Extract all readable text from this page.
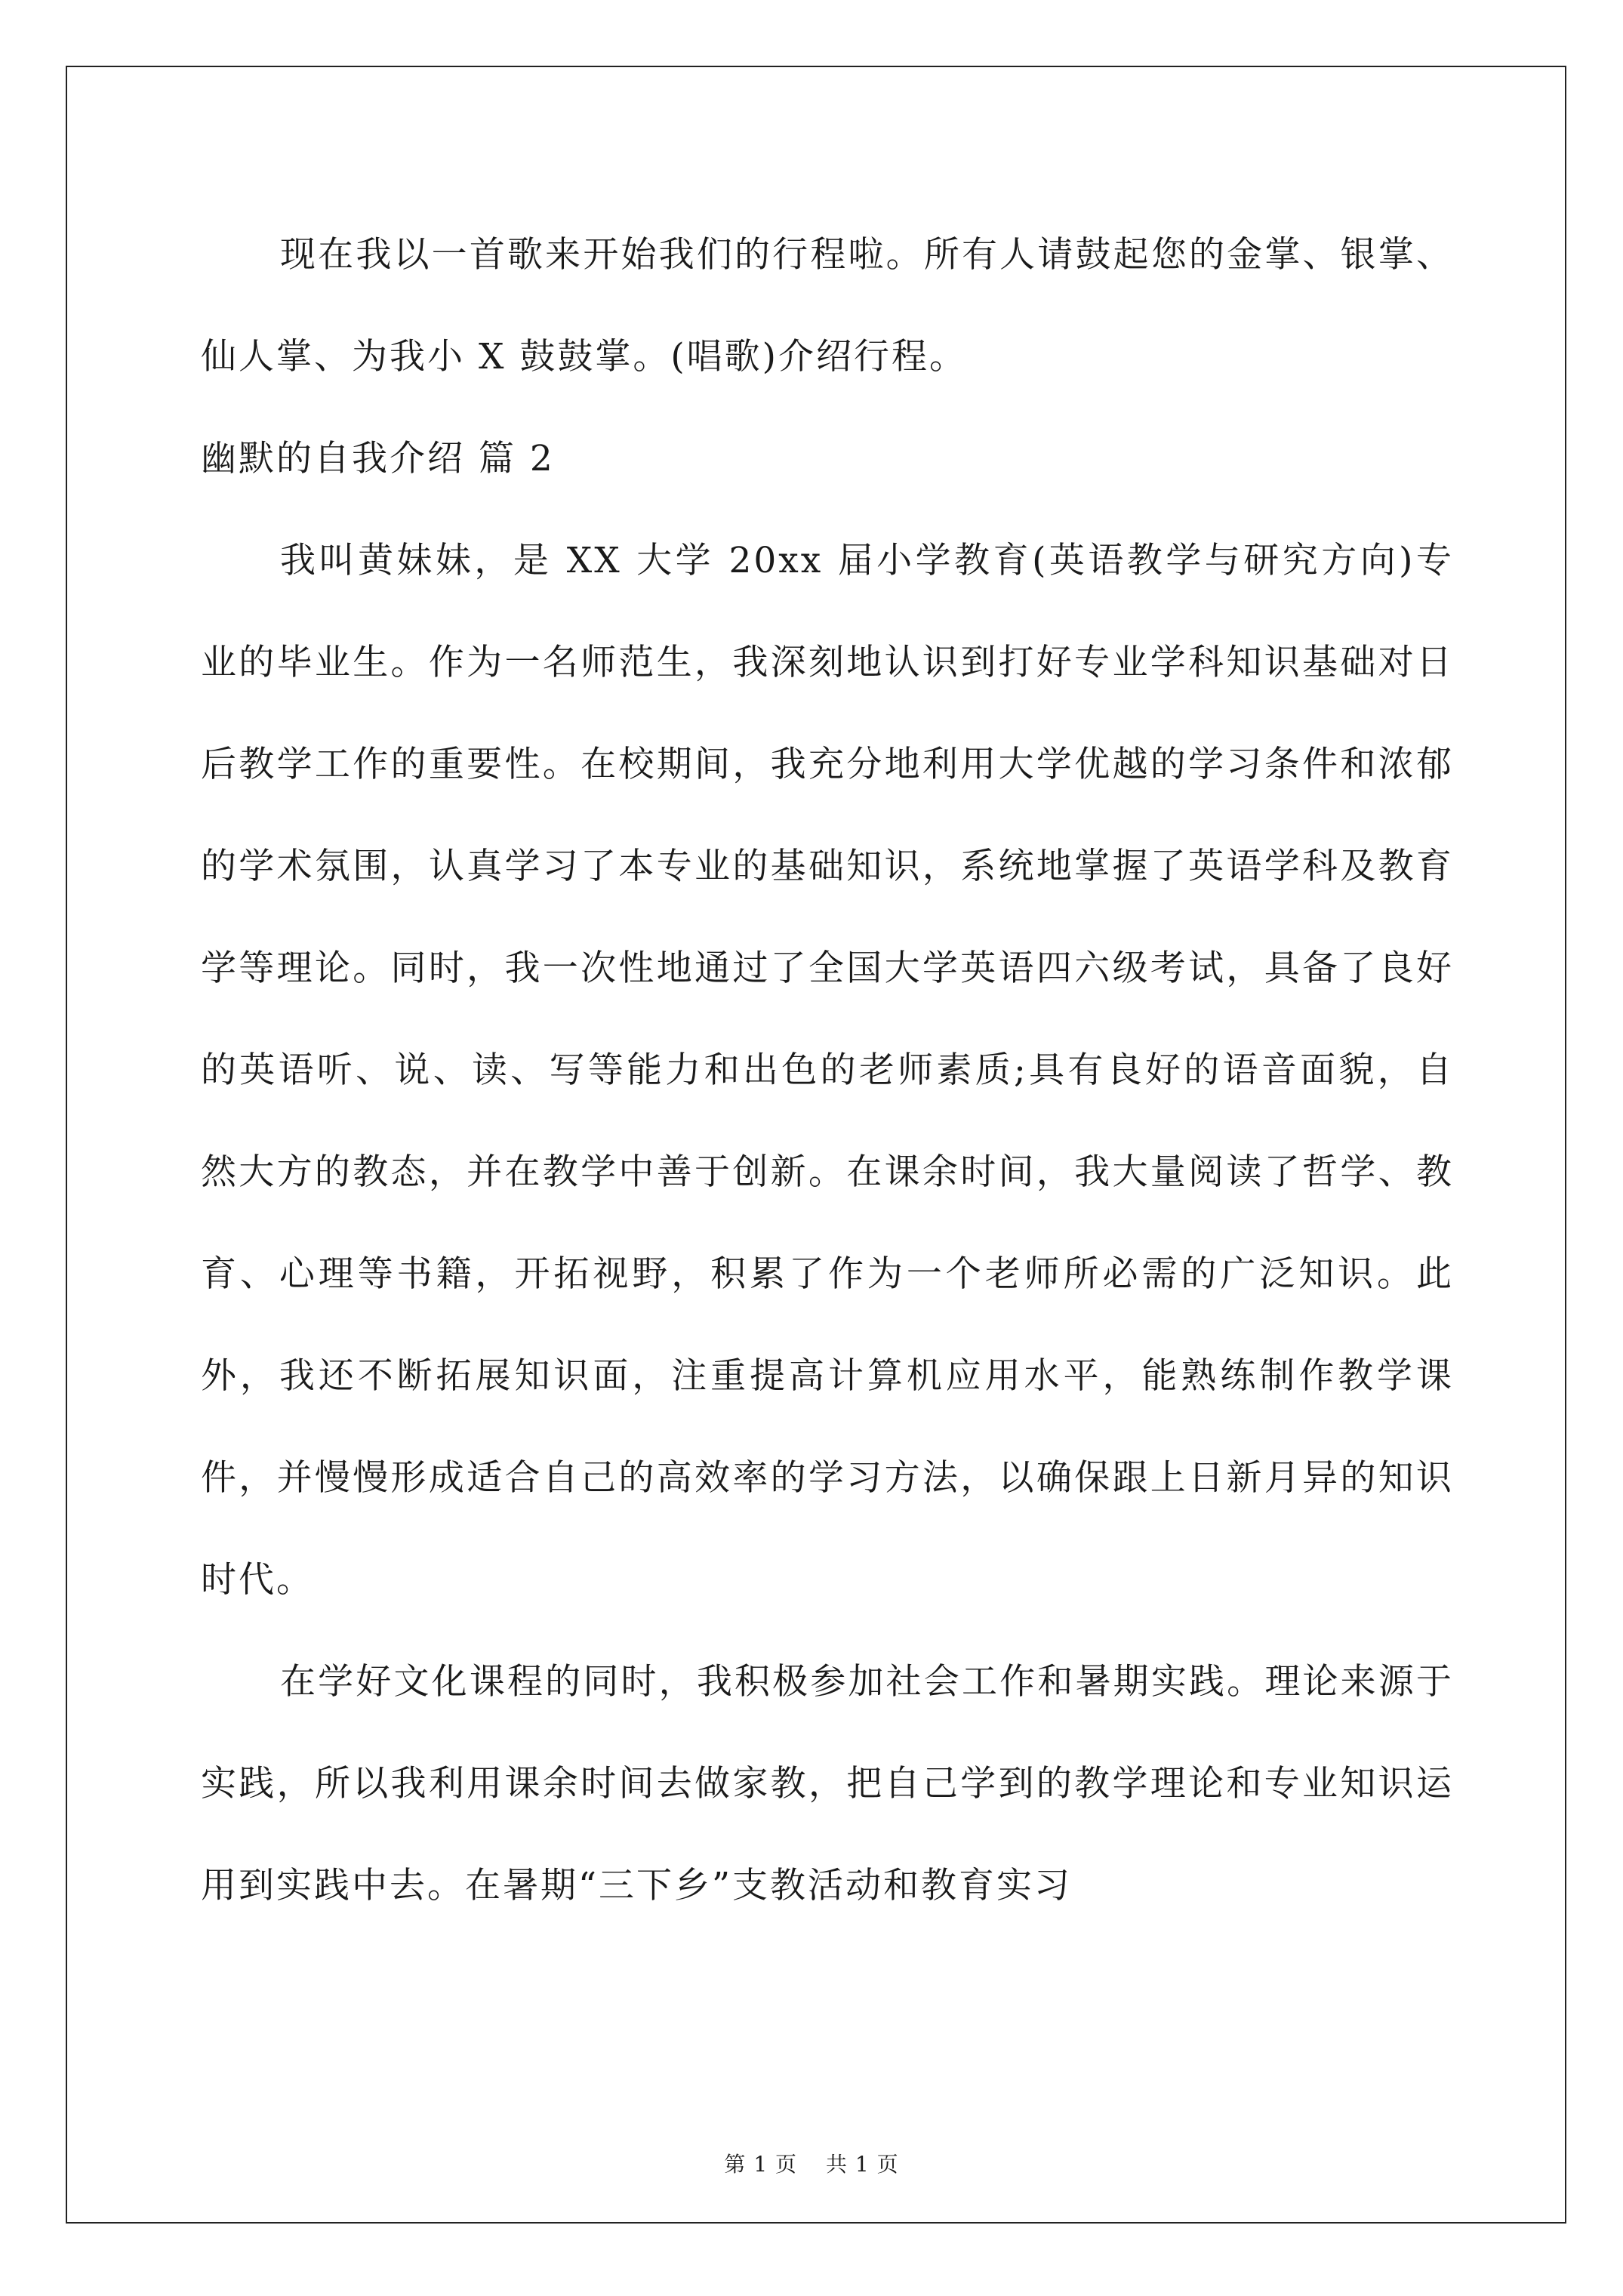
现在我以一首歌来开始我们的行程啦。所有人请鼓起您的金掌、银掌、仙人掌、为我小 X 鼓鼓掌。(唱歌)介绍行程。

幽默的自我介绍 篇 2

我叫黄妹妹，是 XX 大学 20xx 届小学教育(英语教学与研究方向)专业的毕业生。作为一名师范生，我深刻地认识到打好专业学科知识基础对日后教学工作的重要性。在校期间，我充分地利用大学优越的学习条件和浓郁的学术氛围，认真学习了本专业的基础知识，系统地掌握了英语学科及教育学等理论。同时，我一次性地通过了全国大学英语四六级考试，具备了良好的英语听、说、读、写等能力和出色的老师素质;具有良好的语音面貌，自然大方的教态，并在教学中善于创新。在课余时间，我大量阅读了哲学、教育、心理等书籍，开拓视野，积累了作为一个老师所必需的广泛知识。此外，我还不断拓展知识面，注重提高计算机应用水平，能熟练制作教学课件，并慢慢形成适合自己的高效率的学习方法，以确保跟上日新月异的知识时代。

在学好文化课程的同时，我积极参加社会工作和暑期实践。理论来源于实践，所以我利用课余时间去做家教，把自己学到的教学理论和专业知识运用到实践中去。在暑期“三下乡”支教活动和教育实习

第 1 页 共 1 页
